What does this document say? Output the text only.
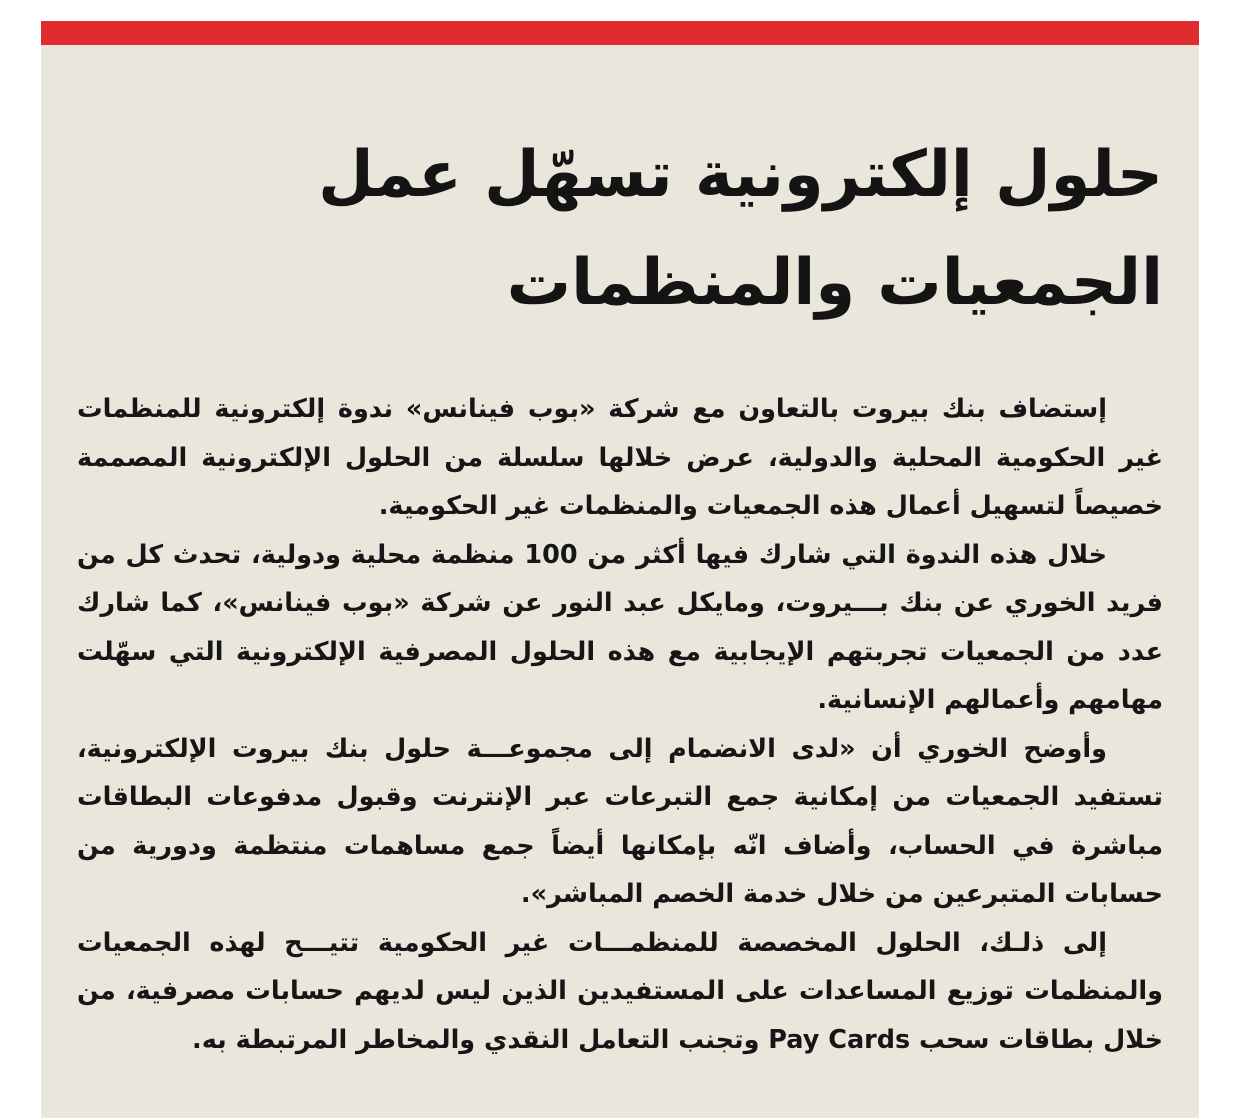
حلول إلكترونية تسهّل عمل الجمعيات والمنظمات

إستضاف بنك بيروت بالتعاون مع شركة «بوب فينانس» ندوة إلكترونية للمنظمات غير الحكومية المحلية والدولية، عرض خلالها سلسلة من الحلول الإلكترونية المصممة خصيصاً لتسهيل أعمال هذه الجمعيات والمنظمات غير الحكومية.

خلال هذه الندوة التي شارك فيها أكثر من 100 منظمة محلية ودولية، تحدث كل من فريد الخوري عن بنك بـــيروت، ومايكل عبد النور عن شركة «بوب فينانس»، كما شارك عدد من الجمعيات تجربتهم الإيجابية مع هذه الحلول المصرفية الإلكترونية التي سهّلت مهامهم وأعمالهم الإنسانية.

وأوضح الخوري أن «لدى الانضمام إلى مجموعـــة حلول بنك بيروت الإلكترونية، تستفيد الجمعيات من إمكانية جمع التبرعات عبر الإنترنت وقبول مدفوعات البطاقات مباشرة في الحساب، وأضاف انّه بإمكانها أيضاً جمع مساهمات منتظمة ودورية من حسابات المتبرعين من خلال خدمة الخصم المباشر».

إلى ذلـك، الحلول المخصصة للمنظمـــات غير الحكومية تتيـــح لهذه الجمعيات والمنظمات توزيع المساعدات على المستفيدين الذين ليس لديهم حسابات مصرفية، من خلال بطاقات سحب Pay Cards وتجنب التعامل النقدي والمخاطر المرتبطة به.
